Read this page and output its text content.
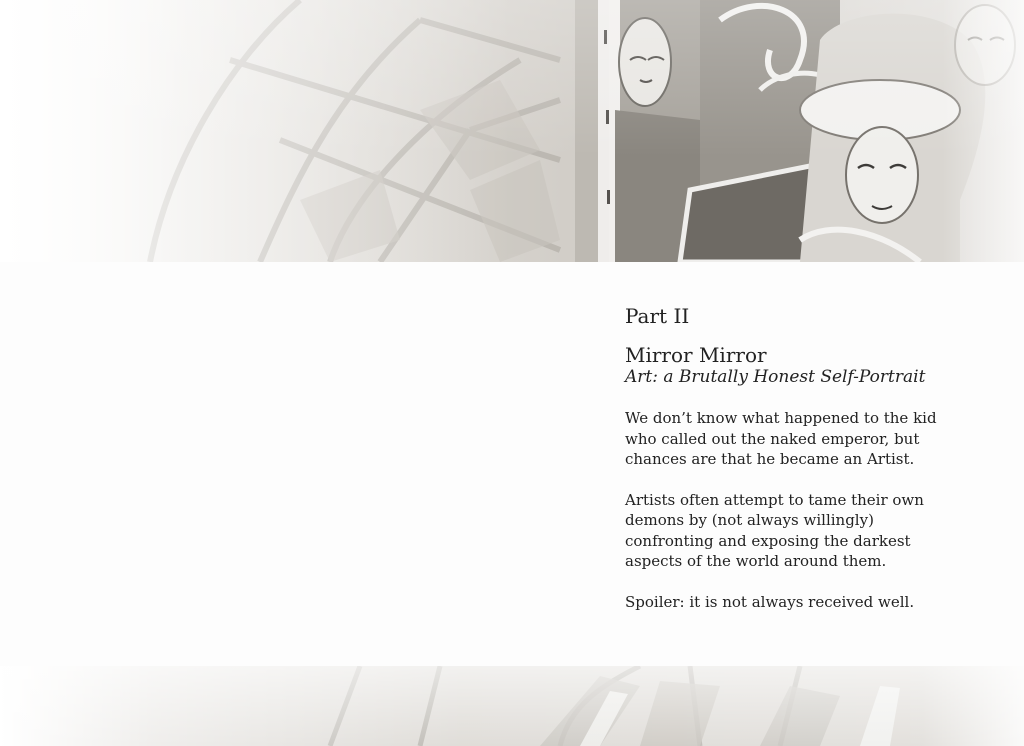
Part II
Mirror Mirror
Art: a Brutally Honest Self-Portrait

We don’t know what happened to the kid who called out the naked emperor, but chances are that he became an Artist.

Artists often attempt to tame their own demons by (not always willingly) confronting and exposing the darkest aspects of the world around them.

Spoiler: it is not always received well.
